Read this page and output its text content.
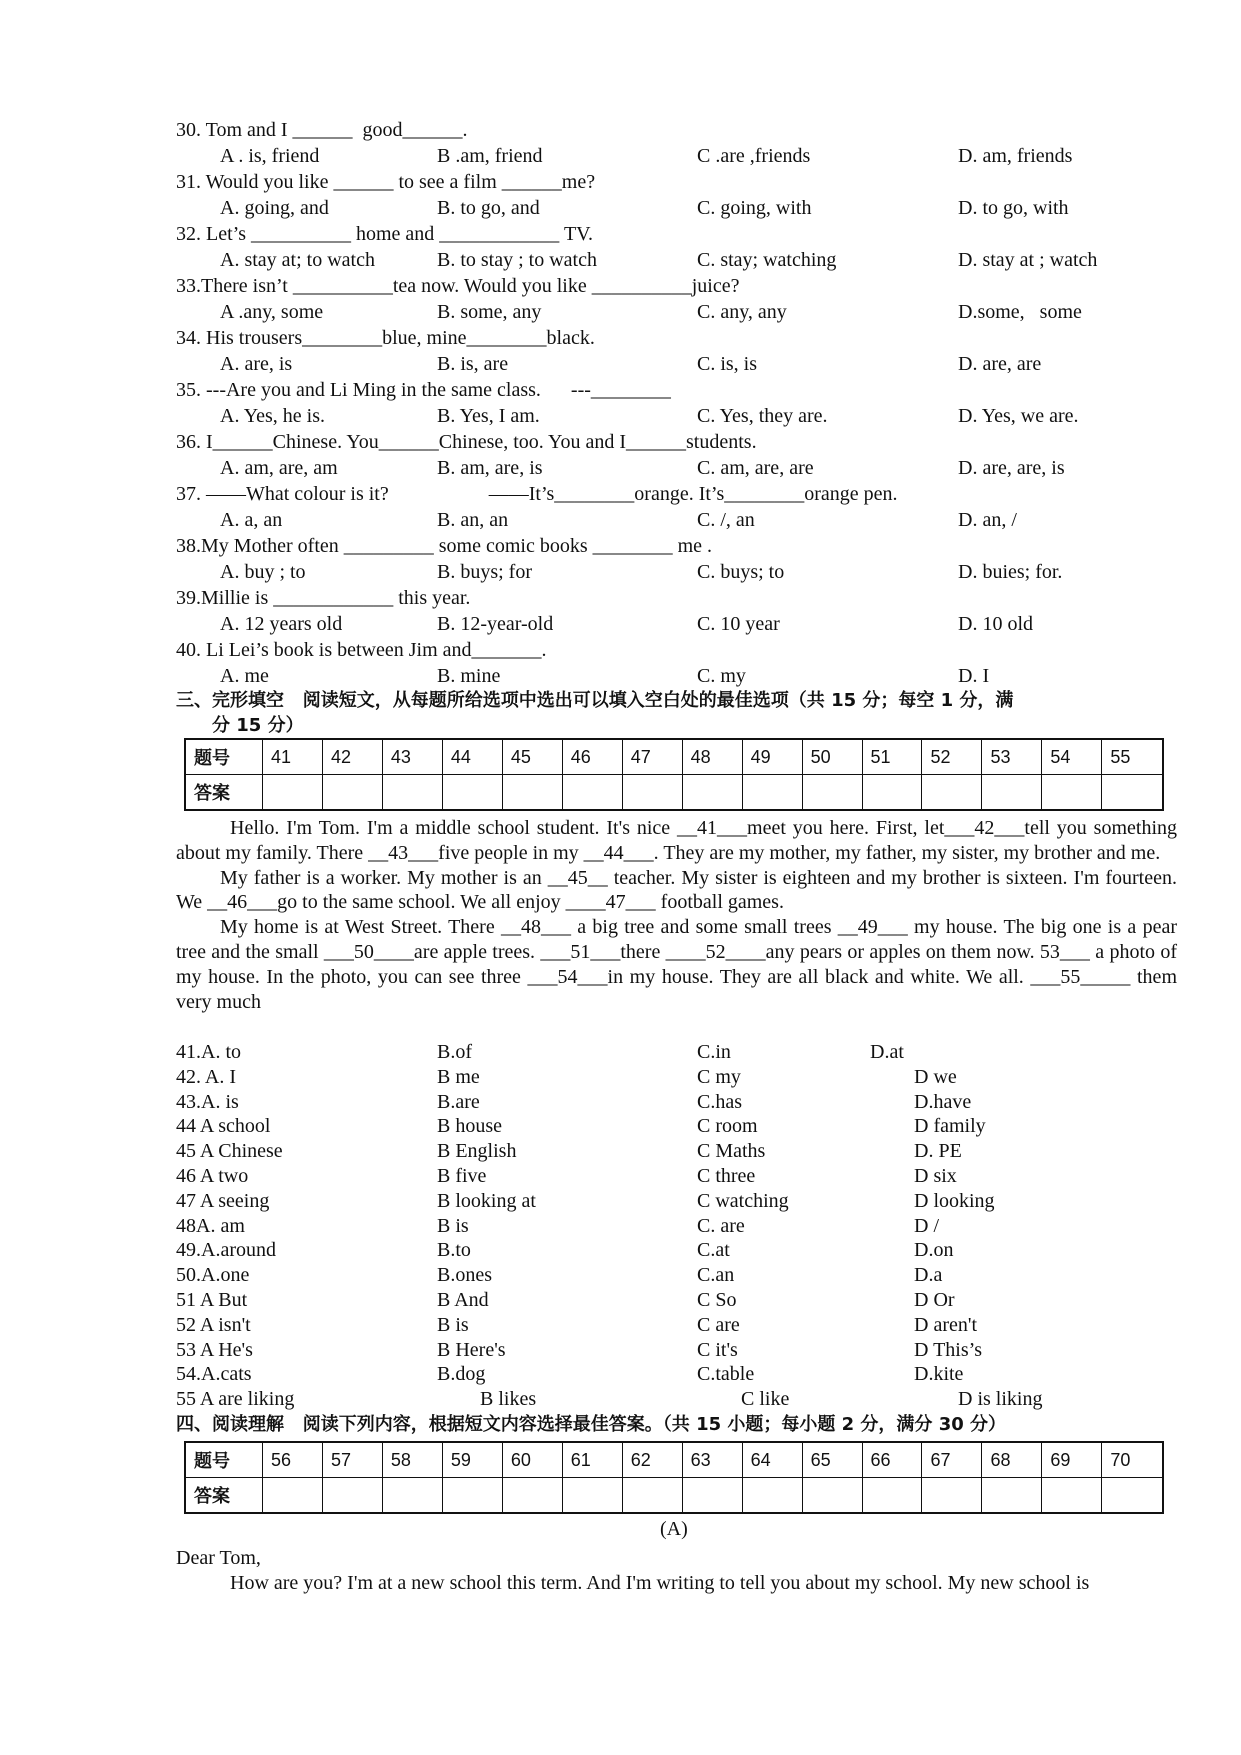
30. Tom and I ______  good______.
A . is, friend	B .am, friend	C .are ,friends	D. am, friends
31. Would you like ______ to see a film ______me?
A. going, and	B. to go, and	C. going, with	D. to go, with
32. Let’s __________ home and ____________ TV.
A. stay at; to watch	B. to stay ; to watch	C. stay; watching	D. stay at ; watch
33.There isn’t __________tea now. Would you like __________juice?
A .any, some	B. some, any	C. any, any	D.some,   some
34. His trousers________blue, mine________black.
A. are, is	B. is, are	C. is, is	D. are, are
35. ---Are you and Li Ming in the same class.      ---________
A. Yes, he is.	B. Yes, I am.	C. Yes, they are.	D. Yes, we are.
36. I______Chinese. You______Chinese, too. You and I______students.
A. am, are, am	B. am, are, is	C. am, are, are	D. are, are, is
37. ——What colour is it?                    ——It’s________orange. It’s________orange pen.
A. a, an	B. an, an	C. /, an	D. an, /
38.My Mother often _________ some comic books ________ me .
A. buy ; to	B. buys; for	C. buys; to	D. buies; for.
39.Millie is ____________ this year.
A. 12 years old	B. 12-year-old	C. 10 year	D. 10 old
40. Li Lei’s book is between Jim and_______.
A. me	B. mine	C. my	D. I
三、完形填空   阅读短文，从每题所给选项中选出可以填入空白处的最佳选项（共 15 分；每空 1 分，满
分 15 分）
题号	41	42	43	44	45	46	47	48	49	50	51	52	53	54	55
答案															

Hello. I'm Tom. I'm a middle school student. It's nice __41___meet you here. First, let___42___tell you something about my family. There __43___five people in my __44___. They are my mother, my father, my sister, my brother and me.

My father is a worker. My mother is an __45__ teacher. My sister is eighteen and my brother is sixteen. I'm fourteen. We __46___go to the same school. We all enjoy ____47___ football games.

My home is at West Street. There __48___ a big tree and some small trees __49___ my house. The big one is a pear tree and the small ___50____are apple trees. ___51___there ____52____any pears or apples on them now. 53___ a photo of my house. In the photo, you can see three ___54___in my house. They are all black and white. We all. ___55_____ them very much

41.A. to	B.of	C.in	D.at
42. A. I	B me	C my	D we
43.A. is	B.are	C.has	D.have
44 A school	B house	C room	D family
45 A Chinese	B English	C Maths	D. PE
46 A two	B five	C three	D six
47 A seeing	B looking at	C watching	D looking
48A. am	B is	C. are	D /
49.A.around	B.to	C.at	D.on
50.A.one	B.ones	C.an	D.a
51 A But	B And	C So	D Or
52 A isn't	B is	C are	D aren't
53 A He's	B Here's	C it's	D This’s
54.A.cats	B.dog	C.table	D.kite
55 A are liking	B likes	C like	D is liking
四、阅读理解   阅读下列内容，根据短文内容选择最佳答案。（共 15 小题；每小题 2 分，满分 30 分）
题号	56	57	58	59	60	61	62	63	64	65	66	67	68	69	70
答案															
(A)
Dear Tom,
How are you? I'm at a new school this term. And I'm writing to tell you about my school. My new school is
